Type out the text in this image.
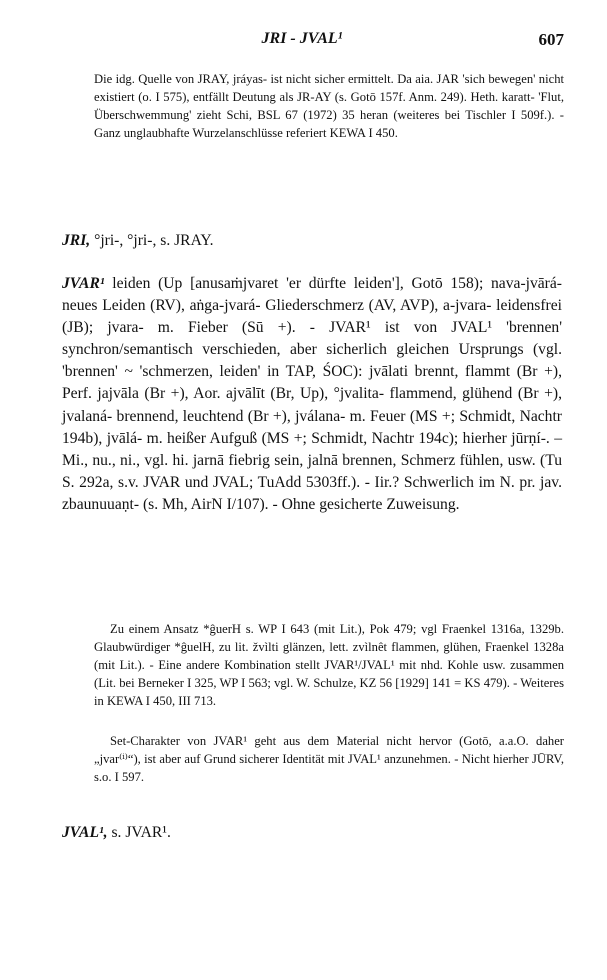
JRI - JVAL¹	607

Die idg. Quelle von JRAY, jráyas- ist nicht sicher ermittelt. Da aia. JAR 'sich bewegen' nicht existiert (o. I 575), entfällt Deutung als JR-AY (s. Gotō 157f. Anm. 249). Heth. karatt- 'Flut, Überschwemmung' zieht Schi, BSL 67 (1972) 35 heran (weiteres bei Tischler I 509f.). - Ganz unglaubhafte Wurzelanschlüsse referiert KEWA I 450.

JRI, °jri-, °jri-, s. JRAY.

JVAR¹ leiden (Up [anusaṁjvaret 'er dürfte leiden'], Gotō 158); nava-jvārá- neues Leiden (RV), aṅga-jvará- Gliederschmerz (AV, AVP), a-jvara- leidensfrei (JB); jvara- m. Fieber (Sū +). - JVAR¹ ist von JVAL¹ 'brennen' synchron/semantisch verschieden, aber sicherlich gleichen Ursprungs (vgl. 'brennen' ~ 'schmerzen, leiden' in TAP, ŚOC): jvālati brennt, flammt (Br +), Perf. jajvāla (Br +), Aor. ajvālīt (Br, Up), °jvalita- flammend, glühend (Br +), jvalaná- brennend, leuchtend (Br +), jválana- m. Feuer (MS +; Schmidt, Nachtr 194b), jvālá- m. heißer Aufguß (MS +; Schmidt, Nachtr 194c); hierher jūrṇí-. – Mi., nu., ni., vgl. hi. jarnā fiebrig sein, jalnā brennen, Schmerz fühlen, usw. (Tu S. 292a, s.v. JVAR und JVAL; TuAdd 5303ff.). - Iir.? Schwerlich im N. pr. jav. zbaunuuaṇt- (s. Mh, AirN I/107). - Ohne gesicherte Zuweisung.

Zu einem Ansatz *ĝuerH s. WP I 643 (mit Lit.), Pok 479; vgl Fraenkel 1316a, 1329b. Glaubwürdiger *ĝuelH, zu lit. žvìlti glänzen, lett. zvìlnêt flammen, glühen, Fraenkel 1328a (mit Lit.). - Eine andere Kombination stellt JVAR¹/JVAL¹ mit nhd. Kohle usw. zusammen (Lit. bei Berneker I 325, WP I 563; vgl. W. Schulze, KZ 56 [1929] 141 = KS 479). - Weiteres in KEWA I 450, III 713.

Set-Charakter von JVAR¹ geht aus dem Material nicht hervor (Gotō, a.a.O. daher „jvar⁽ⁱ⁾“), ist aber auf Grund sicherer Identität mit JVAL¹ anzunehmen. - Nicht hierher JŪRV, s.o. I 597.

JVAL¹, s. JVAR¹.
